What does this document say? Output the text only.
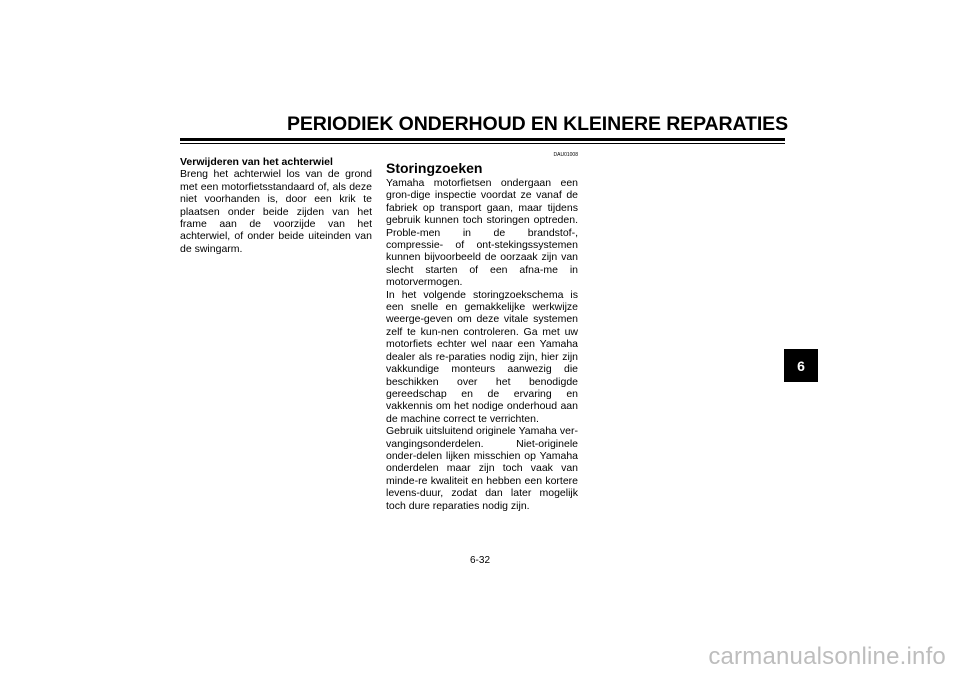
PERIODIEK ONDERHOUD EN KLEINERE REPARATIES
Verwijderen van het achterwiel
Breng het achterwiel los van de grond met een motorfietsstandaard of, als deze niet voorhanden is, door een krik te plaatsen onder beide zijden van het frame aan de voorzijde van het achterwiel, of onder beide uiteinden van de swingarm.
DAU01008
Storingzoeken
Yamaha motorfietsen ondergaan een gron-dige inspectie voordat ze vanaf de fabriek op transport gaan, maar tijdens gebruik kunnen toch storingen optreden. Proble-men in de brandstof-, compressie- of ont-stekingssystemen kunnen bijvoorbeeld de oorzaak zijn van slecht starten of een afna-me in motorvermogen.
In het volgende storingzoekschema is een snelle en gemakkelijke werkwijze weerge-geven om deze vitale systemen zelf te kun-nen controleren. Ga met uw motorfiets echter wel naar een Yamaha dealer als re-paraties nodig zijn, hier zijn vakkundige monteurs aanwezig die beschikken over het benodigde gereedschap en de ervaring en vakkennis om het nodige onderhoud aan de machine correct te verrichten.
Gebruik uitsluitend originele Yamaha ver-vangingsonderdelen. Niet-originele onder-delen lijken misschien op Yamaha onderdelen maar zijn toch vaak van minde-re kwaliteit en hebben een kortere levens-duur, zodat dan later mogelijk toch dure reparaties nodig zijn.
6
6-32
carmanualsonline.info
